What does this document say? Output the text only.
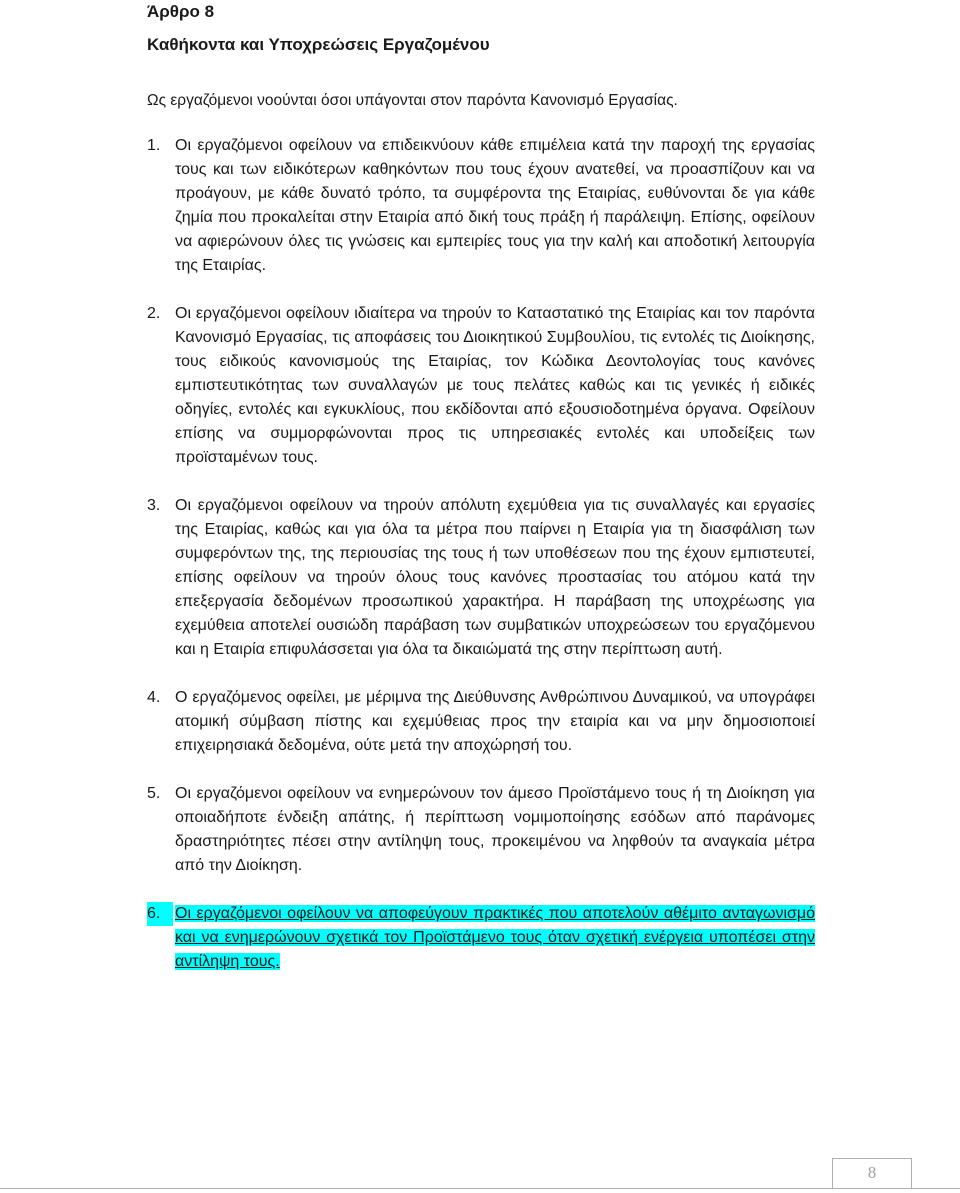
Άρθρο 8
Καθήκοντα και Υποχρεώσεις Εργαζομένου

Ως εργαζόμενοι νοούνται όσοι υπάγονται στον παρόντα Κανονισμό Εργασίας.

1. Οι εργαζόμενοι οφείλουν να επιδεικνύουν κάθε επιμέλεια κατά την παροχή της εργασίας τους και των ειδικότερων καθηκόντων που τους έχουν ανατεθεί, να προασπίζουν και να προάγουν, με κάθε δυνατό τρόπο, τα συμφέροντα της Εταιρίας, ευθύνονται δε για κάθε ζημία που προκαλείται στην Εταιρία από δική τους πράξη ή παράλειψη. Επίσης, οφείλουν να αφιερώνουν όλες τις γνώσεις και εμπειρίες τους για την καλή και αποδοτική λειτουργία της Εταιρίας.
2. Οι εργαζόμενοι οφείλουν ιδιαίτερα να τηρούν το Καταστατικό της Εταιρίας και τον παρόντα Κανονισμό Εργασίας, τις αποφάσεις του Διοικητικού Συμβουλίου, τις εντολές τις Διοίκησης, τους ειδικούς κανονισμούς της Εταιρίας, τον Κώδικα Δεοντολογίας τους κανόνες εμπιστευτικότητας των συναλλαγών με τους πελάτες καθώς και τις γενικές ή ειδικές οδηγίες, εντολές και εγκυκλίους, που εκδίδονται από εξουσιοδοτημένα όργανα. Οφείλουν επίσης να συμμορφώνονται προς τις υπηρεσιακές εντολές και υποδείξεις των προϊσταμένων τους.
3. Οι εργαζόμενοι οφείλουν να τηρούν απόλυτη εχεμύθεια για τις συναλλαγές και εργασίες της Εταιρίας, καθώς και για όλα τα μέτρα που παίρνει η Εταιρία για τη διασφάλιση των συμφερόντων της, της περιουσίας της τους ή των υποθέσεων που της έχουν εμπιστευτεί, επίσης οφείλουν να τηρούν όλους τους κανόνες προστασίας του ατόμου κατά την επεξεργασία δεδομένων προσωπικού χαρακτήρα. Η παράβαση της υποχρέωσης για εχεμύθεια αποτελεί ουσιώδη παράβαση των συμβατικών υποχρεώσεων του εργαζόμενου και η Εταιρία επιφυλάσσεται για όλα τα δικαιώματά της στην περίπτωση αυτή.
4. Ο εργαζόμενος οφείλει, με μέριμνα της Διεύθυνσης Ανθρώπινου Δυναμικού, να υπογράφει ατομική σύμβαση πίστης και εχεμύθειας προς την εταιρία και να μην δημοσιοποιεί επιχειρησιακά δεδομένα, ούτε μετά την αποχώρησή του.
5. Οι εργαζόμενοι οφείλουν να ενημερώνουν τον άμεσο Προϊστάμενο τους ή τη Διοίκηση για οποιαδήποτε ένδειξη απάτης, ή περίπτωση νομιμοποίησης εσόδων από παράνομες δραστηριότητες πέσει στην αντίληψη τους, προκειμένου να ληφθούν τα αναγκαία μέτρα από την Διοίκηση.
6. Οι εργαζόμενοι οφείλουν να αποφεύγουν πρακτικές που αποτελούν αθέμιτο ανταγωνισμό και να ενημερώνουν σχετικά τον Προϊστάμενο τους όταν σχετική ενέργεια υποπέσει στην αντίληψη τους.
8
